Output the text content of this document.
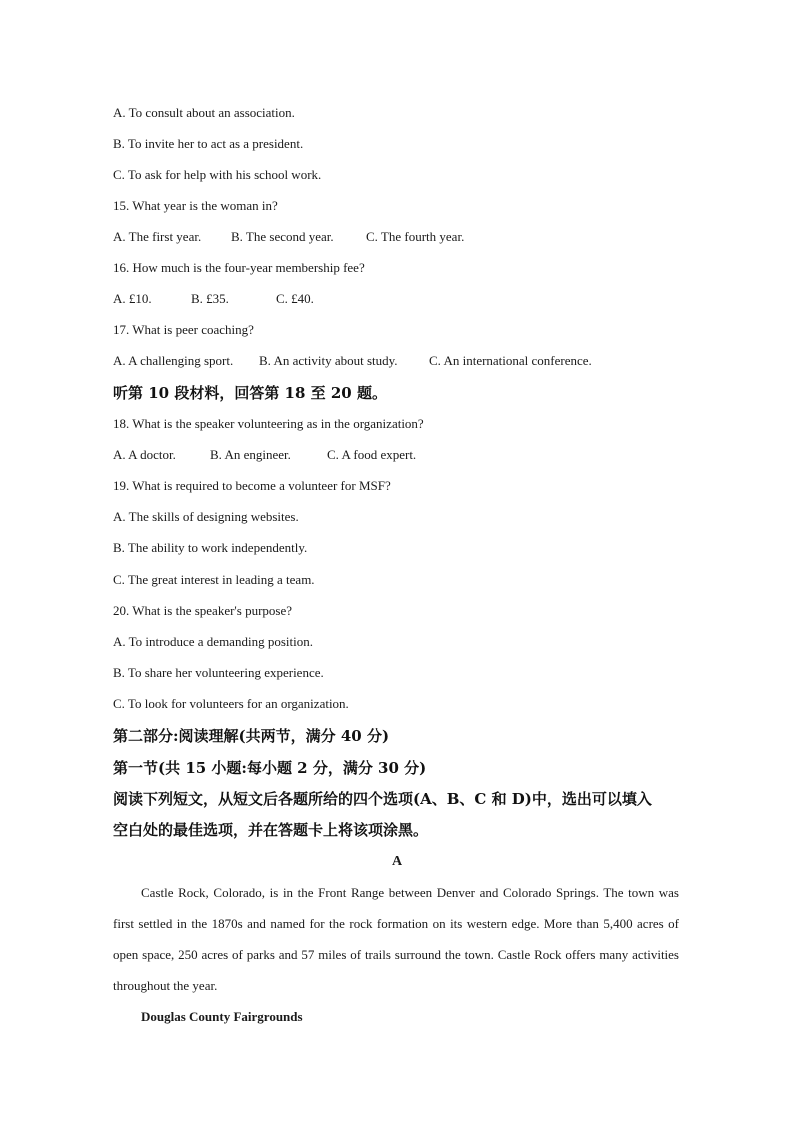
A. To consult about an association.
B. To invite her to act as a president.
C. To ask for help with his school work.
15. What year is the woman in?
A. The first year. B. The second year. C. The fourth year.
16. How much is the four-year membership fee?
A. £10.	B. £35.	C. £40.
17. What is peer coaching?
A. A challenging sport. B. An activity about study. C. An international conference.
听第 10 段材料，回答第 18 至 20 题。
18. What is the speaker volunteering as in the organization?
A. A doctor.	B. An engineer.	C. A food expert.
19. What is required to become a volunteer for MSF?
A. The skills of designing websites.
B. The ability to work independently.
C. The great interest in leading a team.
20. What is the speaker's purpose?
A. To introduce a demanding position.
B. To share her volunteering experience.
C. To look for volunteers for an organization.
第二部分:阅读理解(共两节，满分 40 分)
第一节(共 15 小题:每小题 2 分，满分 30 分)
阅读下列短文，从短文后各题所给的四个选项(A、B、C 和 D)中，选出可以填入
空白处的最佳选项，并在答题卡上将该项涂黑。
A
Castle Rock, Colorado, is in the Front Range between Denver and Colorado Springs. The town was first settled in the 1870s and named for the rock formation on its western edge. More than 5,400 acres of open space, 250 acres of parks and 57 miles of trails surround the town. Castle Rock offers many activities throughout the year.
Douglas County Fairgrounds
